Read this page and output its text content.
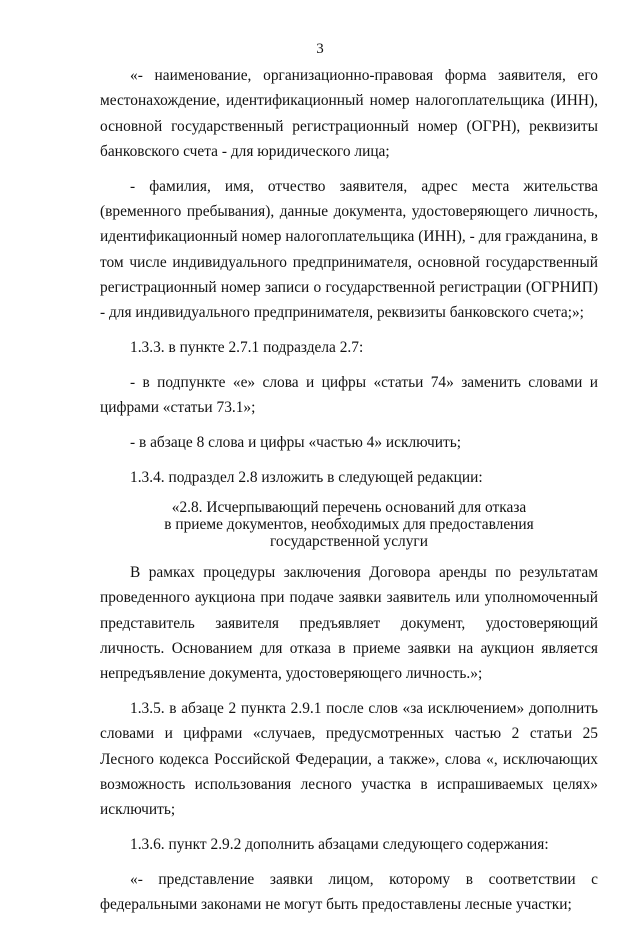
3

«- наименование, организационно-правовая форма заявителя, его местонахождение, идентификационный номер налогоплательщика (ИНН), основной государственный регистрационный номер (ОГРН), реквизиты банковского счета - для юридического лица;

- фамилия, имя, отчество заявителя, адрес места жительства (временного пребывания), данные документа, удостоверяющего личность, идентификационный номер налогоплательщика (ИНН), - для гражданина, в том числе индивидуального предпринимателя, основной государственный регистрационный номер записи о государственной регистрации (ОГРНИП) - для индивидуального предпринимателя, реквизиты банковского счета;»;

1.3.3. в пункте 2.7.1 подраздела 2.7:

- в подпункте «е» слова и цифры «статьи 74» заменить словами и цифрами «статьи 73.1»;

- в абзаце 8 слова и цифры «частью 4» исключить;

1.3.4. подраздел 2.8 изложить в следующей редакции:

«2.8. Исчерпывающий перечень оснований для отказа
в приеме документов, необходимых для предоставления
государственной услуги

В рамках процедуры заключения Договора аренды по результатам проведенного аукциона при подаче заявки заявитель или уполномоченный представитель заявителя предъявляет документ, удостоверяющий личность. Основанием для отказа в приеме заявки на аукцион является непредъявление документа, удостоверяющего личность.»;

1.3.5. в абзаце 2 пункта 2.9.1 после слов «за исключением» дополнить словами и цифрами «случаев, предусмотренных частью 2 статьи 25 Лесного кодекса Российской Федерации, а также», слова «, исключающих возможность использования лесного участка в испрашиваемых целях» исключить;

1.3.6. пункт 2.9.2 дополнить абзацами следующего содержания:

«- представление заявки лицом, которому в соответствии с федеральными законами не могут быть предоставлены лесные участки;
